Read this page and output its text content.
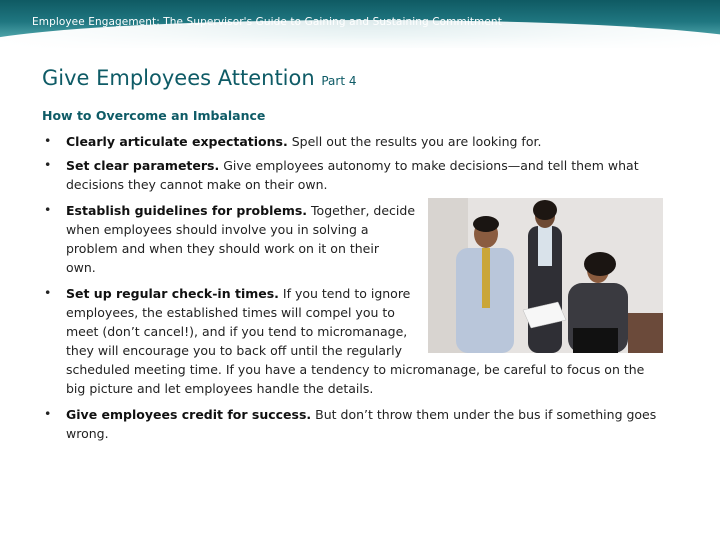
Employee Engagement: The Supervisor's Guide to Gaining and Sustaining Commitment
Give Employees Attention Part 4
How to Overcome an Imbalance
• Clearly articulate expectations. Spell out the results you are looking for.
• Set clear parameters. Give employees autonomy to make decisions—and tell them what
decisions they cannot make on their own.
• Establish guidelines for problems. Together, decide
when employees should involve you in solving a
problem and when they should work on it on their
own.
• Set up regular check-in times. If you tend to ignore
employees, the established times will compel you to
meet (don’t cancel!), and if you tend to micromanage,
they will encourage you to back off until the regularly
scheduled meeting time. If you have a tendency to micromanage, be careful to focus on the
big picture and let employees handle the details.
• Give employees credit for success. But don’t throw them under the bus if something goes
wrong.
